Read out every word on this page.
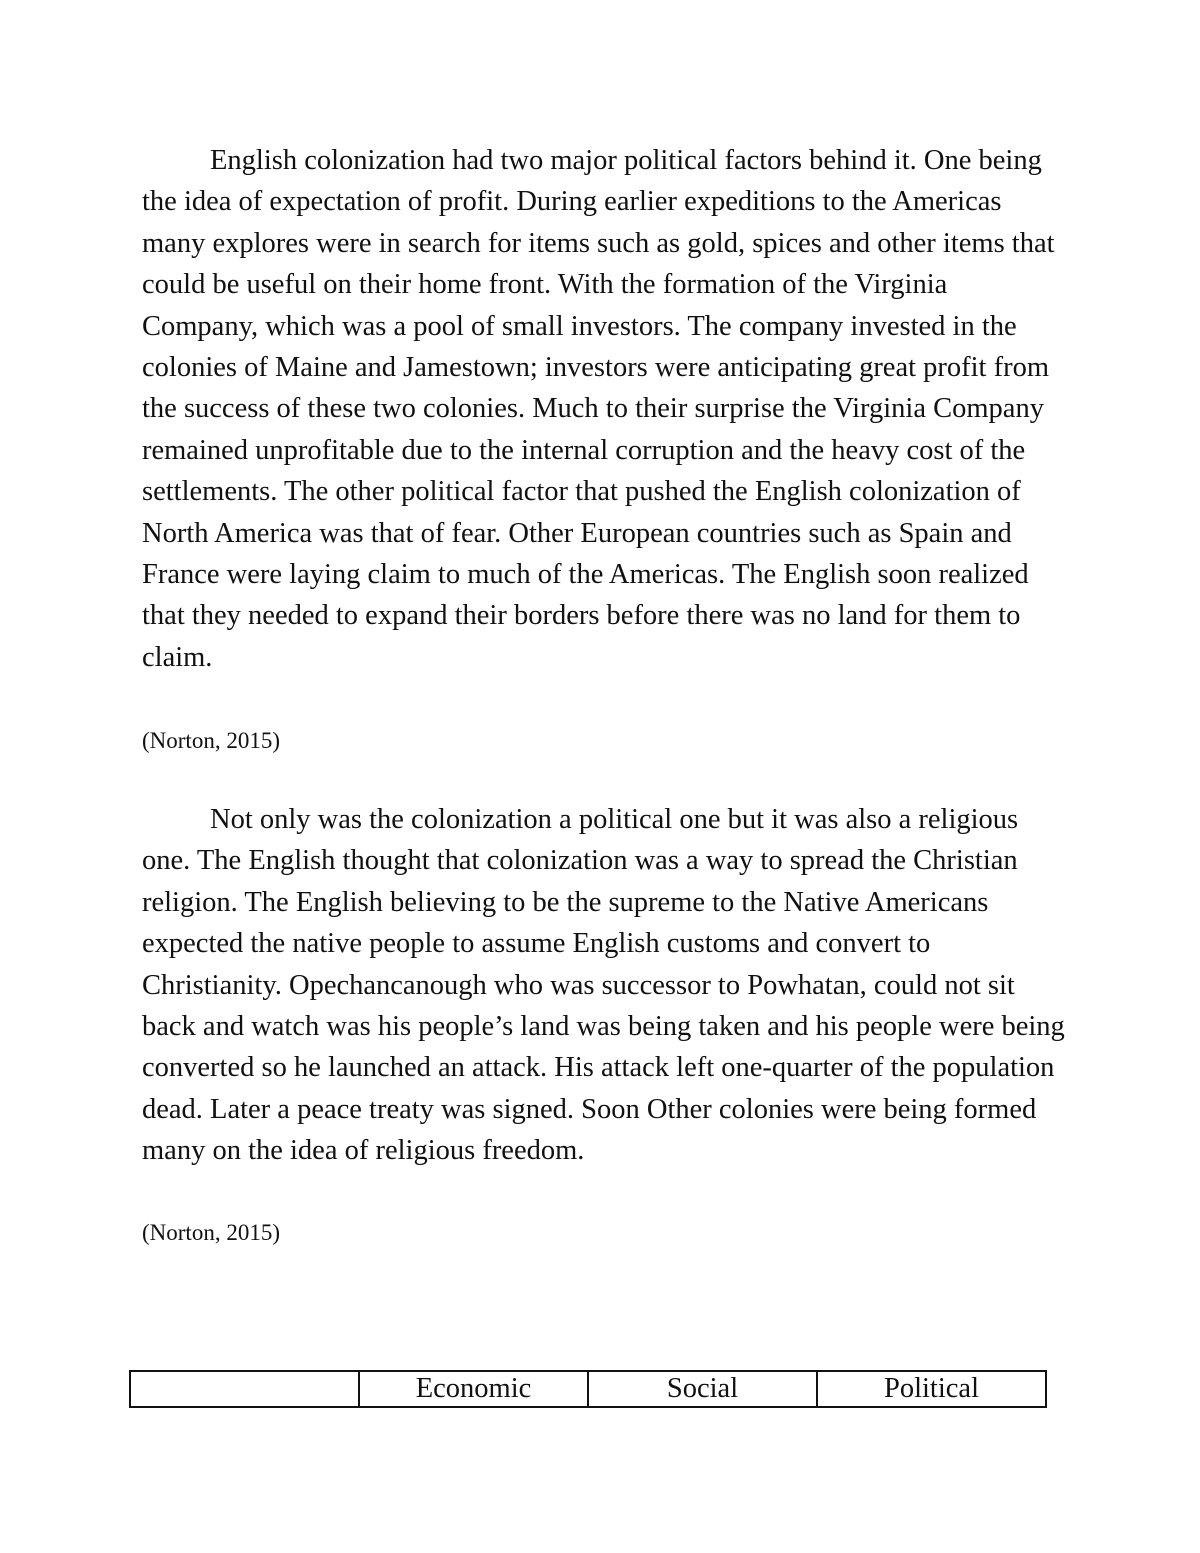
English colonization had two major political factors behind it. One being the idea of expectation of profit. During earlier expeditions to the Americas many explores were in search for items such as gold, spices and other items that could be useful on their home front. With the formation of the Virginia Company, which was a pool of small investors. The company invested in the colonies of Maine and Jamestown; investors were anticipating great profit from the success of these two colonies. Much to their surprise the Virginia Company remained unprofitable due to the internal corruption and the heavy cost of the settlements. The other political factor that pushed the English colonization of North America was that of fear. Other European countries such as Spain and France were laying claim to much of the Americas. The English soon realized that they needed to expand their borders before there was no land for them to claim.

(Norton, 2015)

Not only was the colonization a political one but it was also a religious one. The English thought that colonization was a way to spread the Christian religion. The English believing to be the supreme to the Native Americans expected the native people to assume English customs and convert to Christianity. Opechancanough who was successor to Powhatan, could not sit back and watch was his people’s land was being taken and his people were being converted so he launched an attack. His attack left one-quarter of the population dead. Later a peace treaty was signed. Soon Other colonies were being formed many on the idea of religious freedom.

(Norton, 2015)

	Economic	Social	Political
